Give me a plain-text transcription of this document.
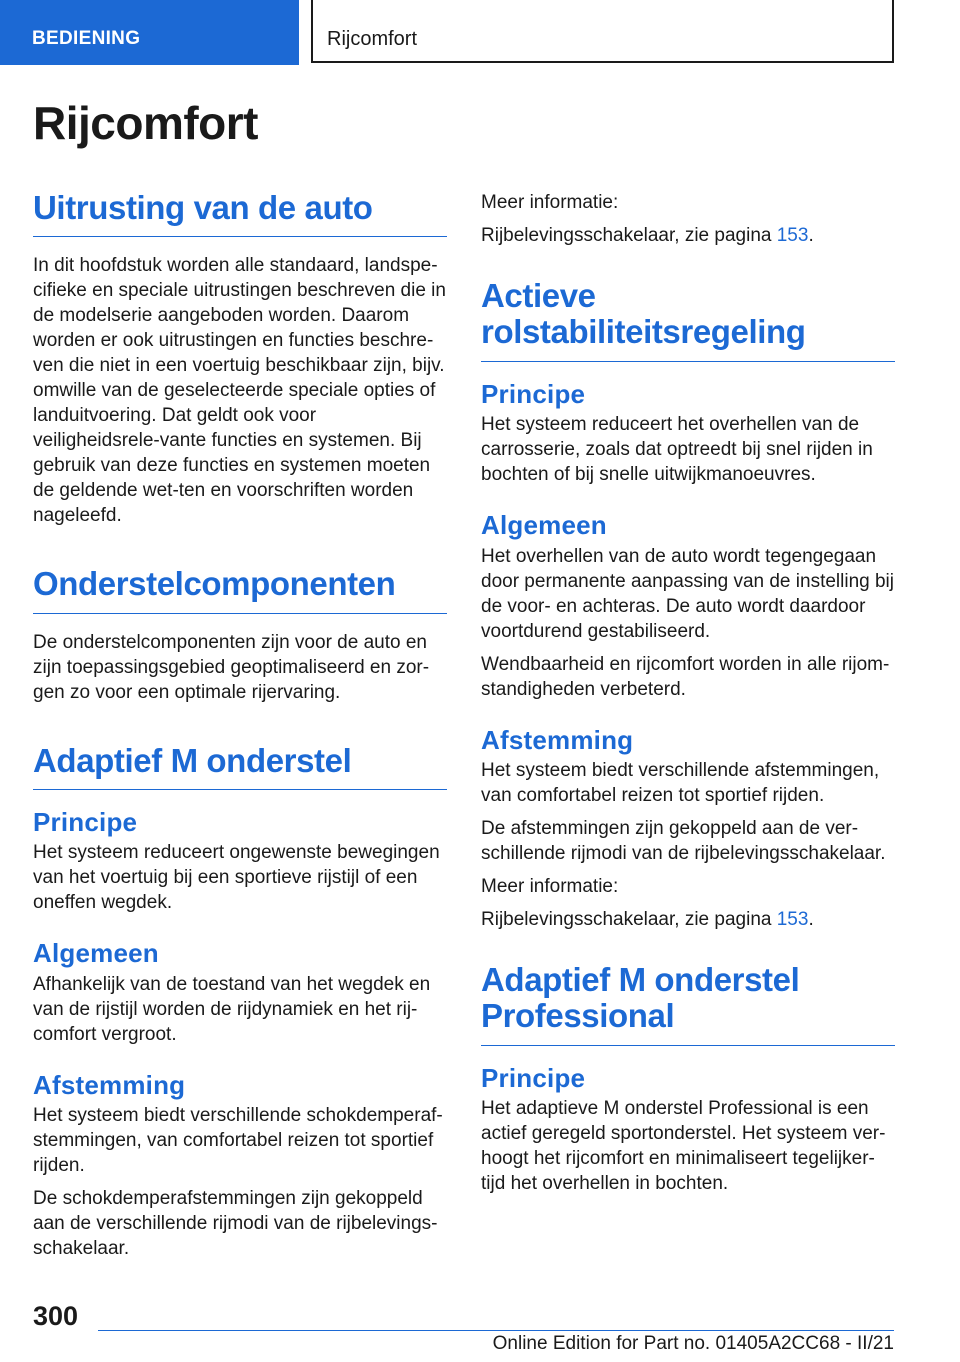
BEDIENING	Rijcomfort
Rijcomfort
Uitrusting van de auto

In dit hoofdstuk worden alle standaard, landspe-cifieke en speciale uitrustingen beschreven die in de modelserie aangeboden worden. Daarom worden er ook uitrustingen en functies beschre-ven die niet in een voertuig beschikbaar zijn, bijv. omwille van de geselecteerde speciale opties of landuitvoering. Dat geldt ook voor veiligheidsrele-vante functies en systemen. Bij gebruik van deze functies en systemen moeten de geldende wet-ten en voorschriften worden nageleefd.

Onderstelcomponenten

De onderstelcomponenten zijn voor de auto en zijn toepassingsgebied geoptimaliseerd en zor-gen zo voor een optimale rijervaring.

Adaptief M onderstel
Principe

Het systeem reduceert ongewenste bewegingen van het voertuig bij een sportieve rijstijl of een oneffen wegdek.

Algemeen

Afhankelijk van de toestand van het wegdek en van de rijstijl worden de rijdynamiek en het rij-comfort vergroot.

Afstemming

Het systeem biedt verschillende schokdemperaf-stemmingen, van comfortabel reizen tot sportief rijden.

De schokdemperafstemmingen zijn gekoppeld aan de verschillende rijmodi van de rijbelevings-schakelaar.

Meer informatie:

Rijbelevingsschakelaar, zie pagina 153.

Actieve rolstabiliteitsregeling
Principe

Het systeem reduceert het overhellen van de carrosserie, zoals dat optreedt bij snel rijden in bochten of bij snelle uitwijkmanoeuvres.

Algemeen

Het overhellen van de auto wordt tegengegaan door permanente aanpassing van de instelling bij de voor- en achteras. De auto wordt daardoor voortdurend gestabiliseerd.

Wendbaarheid en rijcomfort worden in alle rijom-standigheden verbeterd.

Afstemming

Het systeem biedt verschillende afstemmingen, van comfortabel reizen tot sportief rijden.

De afstemmingen zijn gekoppeld aan de ver-schillende rijmodi van de rijbelevingsschakelaar.

Meer informatie:

Rijbelevingsschakelaar, zie pagina 153.

Adaptief M onderstel Professional
Principe

Het adaptieve M onderstel Professional is een actief geregeld sportonderstel. Het systeem ver-hoogt het rijcomfort en minimaliseert tegelijker-tijd het overhellen in bochten.

300
Online Edition for Part no. 01405A2CC68 - II/21
